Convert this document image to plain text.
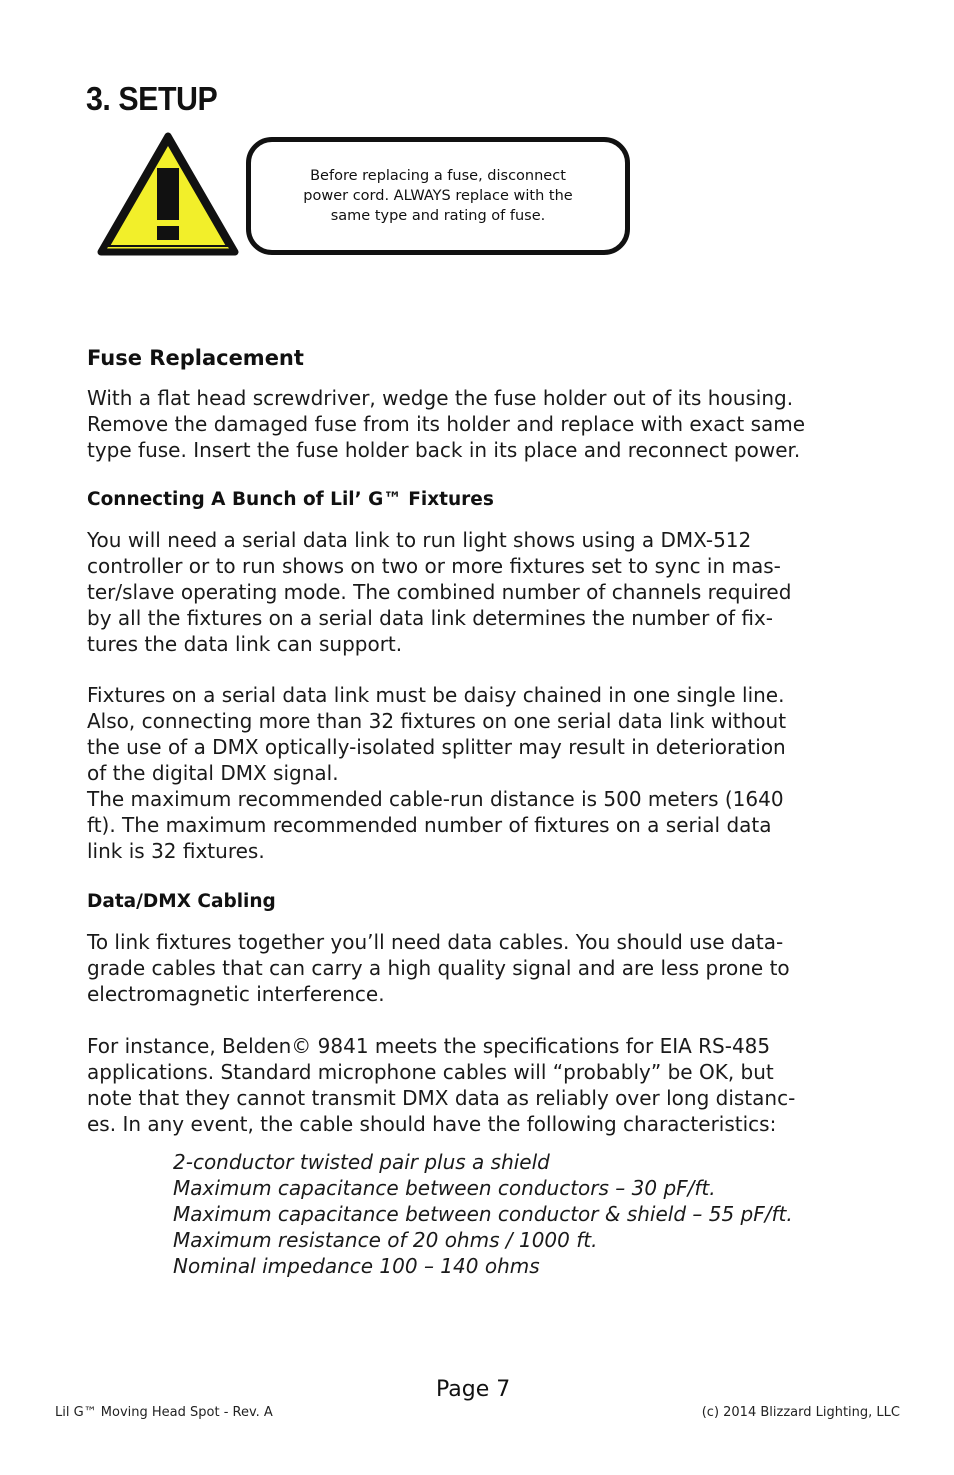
3. SETUP
Before replacing a fuse, disconnect
power cord. ALWAYS replace with the
same type and rating of fuse.
Fuse Replacement

With a flat head screwdriver, wedge the fuse holder out of its housing.
Remove the damaged fuse from its holder and replace with exact same
type fuse. Insert the fuse holder back in its place and reconnect power.

Connecting A Bunch of Lil’ G™ Fixtures

You will need a serial data link to run light shows using a DMX-512
controller or to run shows on two or more fixtures set to sync in mas-
ter/slave operating mode. The combined number of channels required
by all the fixtures on a serial data link determines the number of fix-
tures the data link can support.

Fixtures on a serial data link must be daisy chained in one single line.
Also, connecting more than 32 fixtures on one serial data link without
the use of a DMX optically-isolated splitter may result in deterioration
of the digital DMX signal.

The maximum recommended cable-run distance is 500 meters (1640
ft). The maximum recommended number of fixtures on a serial data
link is 32 fixtures.

Data/DMX Cabling

To link fixtures together you’ll need data cables. You should use data-
grade cables that can carry a high quality signal and are less prone to
electromagnetic interference.

For instance, Belden© 9841 meets the specifications for EIA RS-485
applications. Standard microphone cables will “probably” be OK, but
note that they cannot transmit DMX data as reliably over long distanc-
es. In any event, the cable should have the following characteristics:

2-conductor twisted pair plus a shield
Maximum capacitance between conductors – 30 pF/ft.
Maximum capacitance between conductor & shield – 55 pF/ft.
Maximum resistance of 20 ohms / 1000 ft.
Nominal impedance 100 – 140 ohms
Page 7
Lil G™ Moving Head Spot - Rev. A	(c) 2014 Blizzard Lighting, LLC
